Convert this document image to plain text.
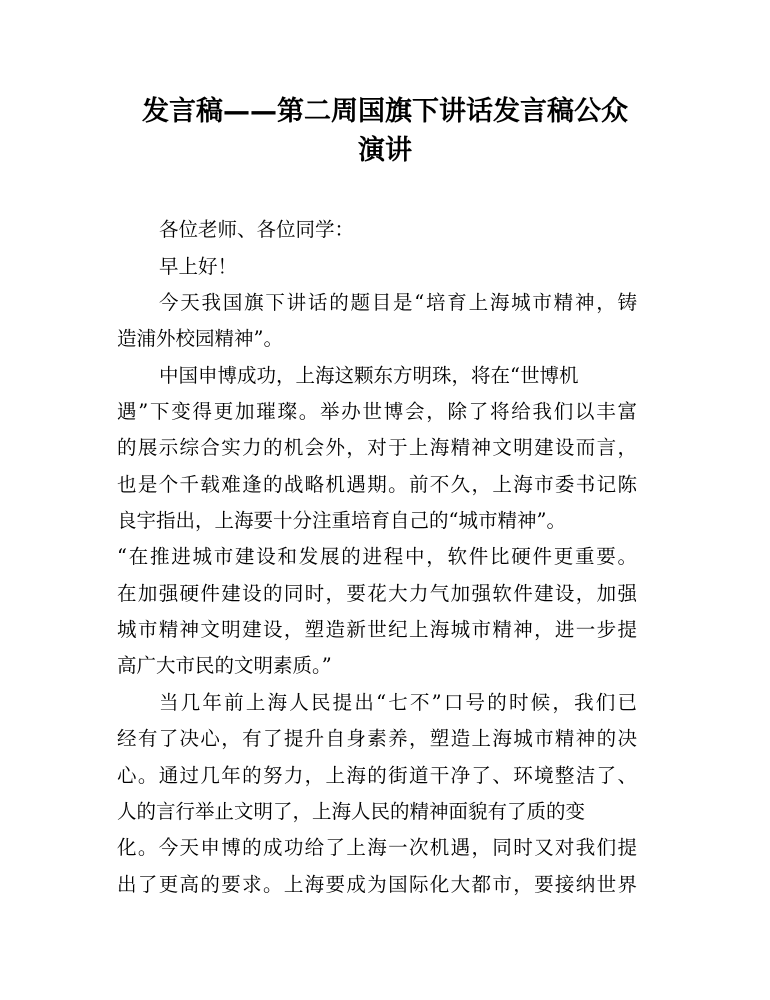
发言稿——第二周国旗下讲话发言稿公众
演讲
各位老师、各位同学：
早上好！
今天我国旗下讲话的题目是“培育上海城市精神，铸
造浦外校园精神”。
中国申博成功，上海这颗东方明珠，将在“世博机
遇”下变得更加璀璨。举办世博会，除了将给我们以丰富
的展示综合实力的机会外，对于上海精神文明建设而言，
也是个千载难逢的战略机遇期。前不久，上海市委书记陈
良宇指出，上海要十分注重培育自己的“城市精神”。
“在推进城市建设和发展的进程中，软件比硬件更重要。
在加强硬件建设的同时，要花大力气加强软件建设，加强
城市精神文明建设，塑造新世纪上海城市精神，进一步提
高广大市民的文明素质。”
当几年前上海人民提出“七不”口号的时候，我们已
经有了决心，有了提升自身素养，塑造上海城市精神的决
心。通过几年的努力，上海的街道干净了、环境整洁了、
人的言行举止文明了，上海人民的精神面貌有了质的变
化。今天申博的成功给了上海一次机遇，同时又对我们提
出了更高的要求。上海要成为国际化大都市，要接纳世界
